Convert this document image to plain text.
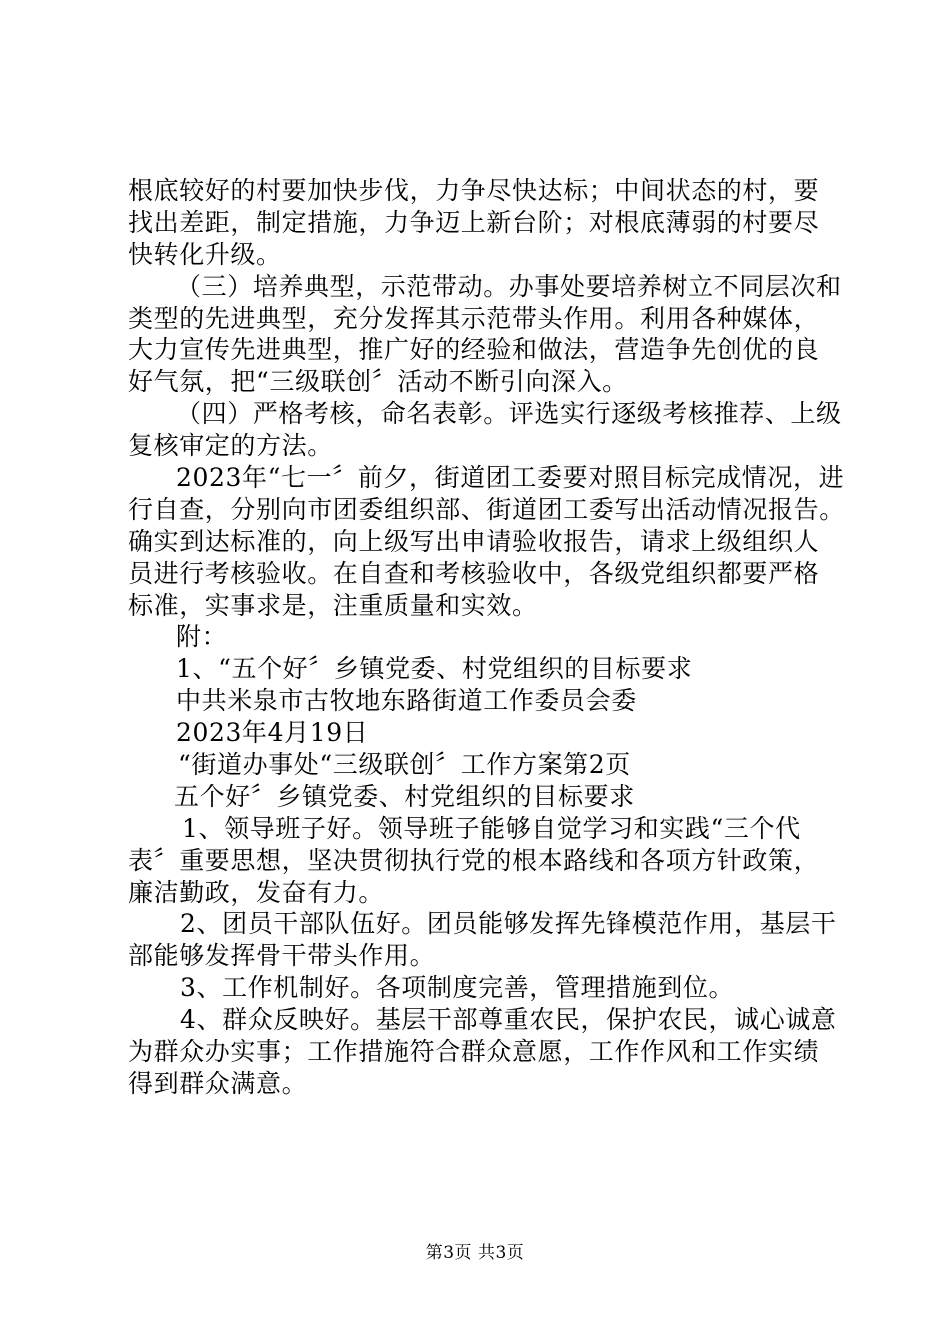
根底较好的村要加快步伐，力争尽快达标；中间状态的村，要
找出差距，制定措施，力争迈上新台阶；对根底薄弱的村要尽
快转化升级。
（三）培养典型，示范带动。办事处要培养树立不同层次和
类型的先进典型，充分发挥其示范带头作用。利用各种媒体，
大力宣传先进典型，推广好的经验和做法，营造争先创优的良
好气氛，把“三级联创〞活动不断引向深入。
（四）严格考核，命名表彰。评选实行逐级考核推荐、上级
复核审定的方法。
2023年“七一〞前夕，街道团工委要对照目标完成情况，进
行自查，分别向市团委组织部、街道团工委写出活动情况报告。
确实到达标准的，向上级写出申请验收报告，请求上级组织人
员进行考核验收。在自查和考核验收中，各级党组织都要严格
标准，实事求是，注重质量和实效。
附：
1、“五个好〞乡镇党委、村党组织的目标要求
中共米泉市古牧地东路街道工作委员会委
2023年4月19日
“街道办事处“三级联创〞工作方案第2页
五个好〞乡镇党委、村党组织的目标要求
1、领导班子好。领导班子能够自觉学习和实践“三个代
表〞重要思想，坚决贯彻执行党的根本路线和各项方针政策，
廉洁勤政，发奋有力。
2、团员干部队伍好。团员能够发挥先锋模范作用，基层干
部能够发挥骨干带头作用。
3、工作机制好。各项制度完善，管理措施到位。
4、群众反映好。基层干部尊重农民，保护农民，诚心诚意
为群众办实事；工作措施符合群众意愿，工作作风和工作实绩
得到群众满意。
第3页 共3页
